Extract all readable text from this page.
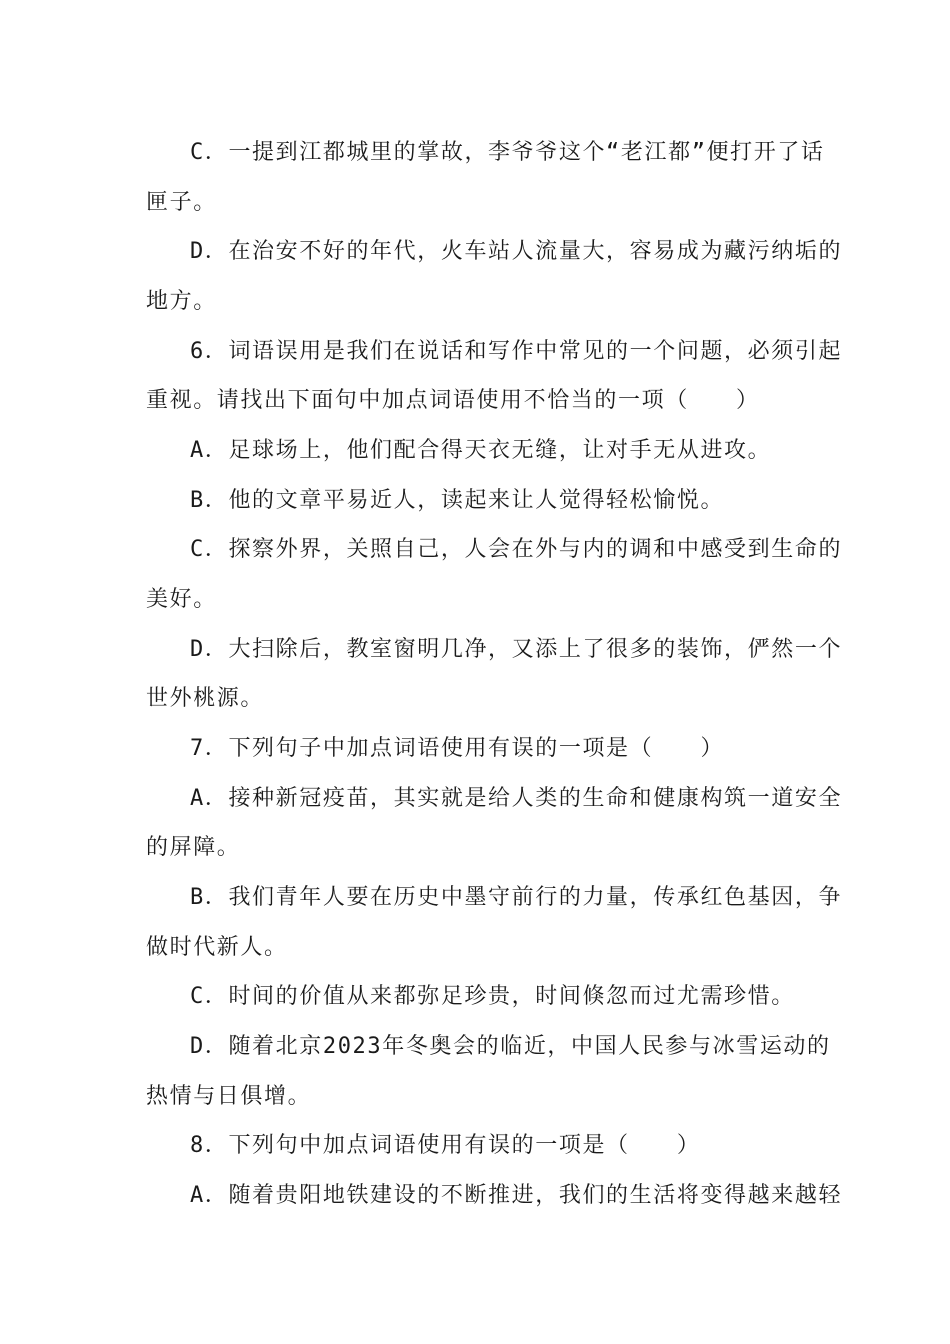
C．一提到江都城里的掌故，李爷爷这个“老江都”便打开了话
匣子。
D．在治安不好的年代，火车站人流量大，容易成为藏污纳垢的
地方。
6．词语误用是我们在说话和写作中常见的一个问题，必须引起
重视。请找出下面句中加点词语使用不恰当的一项（　　）
A．足球场上，他们配合得天衣无缝，让对手无从进攻。
B．他的文章平易近人，读起来让人觉得轻松愉悦。
C．探察外界，关照自己，人会在外与内的调和中感受到生命的
美好。
D．大扫除后，教室窗明几净，又添上了很多的装饰，俨然一个
世外桃源。
7．下列句子中加点词语使用有误的一项是（　　）
A．接种新冠疫苗，其实就是给人类的生命和健康构筑一道安全
的屏障。
B．我们青年人要在历史中墨守前行的力量，传承红色基因，争
做时代新人。
C．时间的价值从来都弥足珍贵，时间倏忽而过尤需珍惜。
D．随着北京2023年冬奥会的临近，中国人民参与冰雪运动的
热情与日俱增。
8．下列句中加点词语使用有误的一项是（　　）
A．随着贵阳地铁建设的不断推进，我们的生活将变得越来越轻
